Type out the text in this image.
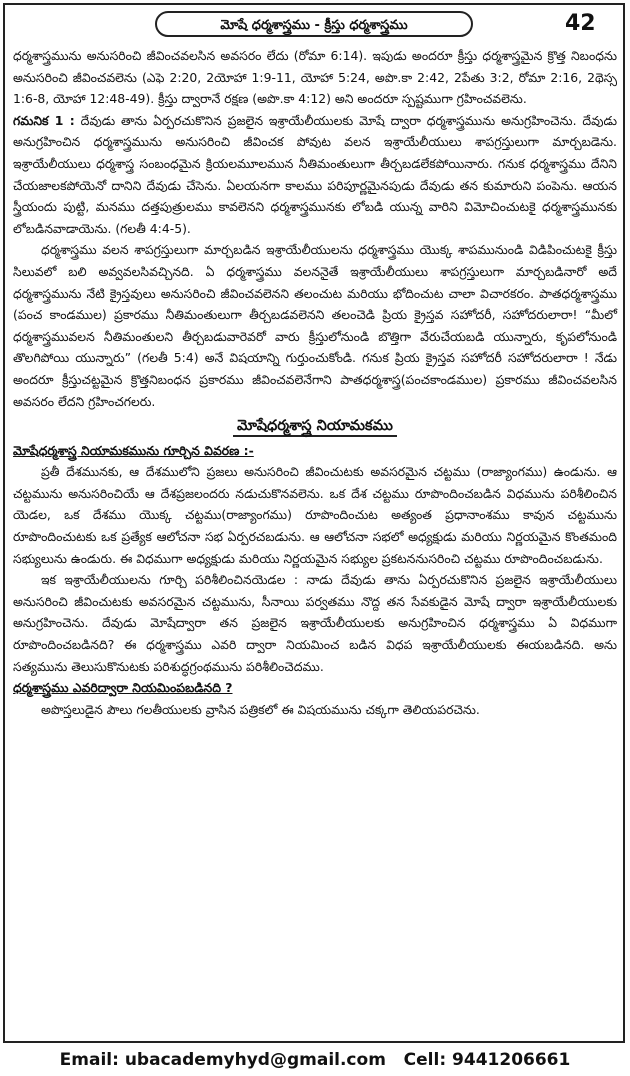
మోషే ధర్మశాస్త్రము - క్రీస్తు ధర్మశాస్త్రము	42

ధర్మశాస్త్రమును అనుసరించి జీవించవలసిన అవసరం లేదు (రోమా 6:14). ఇపుడు అందరూ క్రీస్తు ధర్మశాస్త్రమైన క్రొత్త నిబంధను అనుసరించి జీవించవలెను (ఎఫె 2:20, 2యోహా 1:9-11, యోహా 5:24, అపొ.కా 2:42, 2పేతు 3:2, రోమా 2:16, 2థెస్స 1:6-8, యోహా 12:48-49). క్రీస్తు ద్వారానే రక్షణ (అపొ.కా 4:12) అని అందరూ స్పష్టముగా గ్రహించవలెను.

గమనిక 1 : దేవుడు తాను ఏర్పరచుకొనిన ప్రజలైన ఇశ్రాయేలీయులకు మోషే ద్వారా ధర్మశాస్త్రమును అనుగ్రహించెను. దేవుడు అనుగ్రహించిన ధర్మశాస్త్రమును అనుసరించి జీవించక పోవుట వలన ఇశ్రాయేలీయులు శాపగ్రస్తులుగా మార్చబడెను. ఇశ్రాయేలీయులు ధర్మశాస్త్ర సంబంధమైన క్రియలమూలమున నీతిమంతులుగా తీర్చబడలేకపోయినారు. గనుక ధర్మశాస్త్రము దేనిని చేయజాలకపోయెనో దానిని దేవుడు చేసెను. ఏలయనగా కాలము పరిపూర్ణమైనపుడు దేవుడు తన కుమారుని పంపెను. ఆయన స్త్రీయందు పుట్టి, మనము దత్తపుత్రులము కావలెనని ధర్మశాస్త్రమునకు లోబడి యున్న వారిని విమోచించుటకై ధర్మశాస్త్రమునకు లోబడినవాడాయెను. (గలతీ 4:4-5).

ధర్మశాస్త్రము వలన శాపగ్రస్తులుగా మార్చబడిన ఇశ్రాయేలీయులను ధర్మశాస్త్రము యొక్క శాపమునుండి విడిపించుటకై క్రీస్తు సిలువలో బలి అవ్వవలసివచ్చినది. ఏ ధర్మశాస్త్రము వలననైతే ఇశ్రాయేలీయులు శాపగ్రస్తులుగా మార్చబడినారో అదే ధర్మశాస్త్రమును నేటి క్రైస్తవులు అనుసరించి జీవించవలెనని తలంచుట మరియు భోదించుట చాలా విచారకరం. పాతధర్మశాస్త్రము (పంచ కాండముల) ప్రకారము నీతిమంతులుగా తీర్చబడవలెనని తలంచెడి ప్రియ క్రైస్తవ సహోదరీ, సహోదరులారా! “మీలో ధర్మశాస్త్రమువలన నీతిమంతులని తీర్చబడువారెవరో వారు క్రీస్తులోనుండి బొత్తిగా వేరుచేయబడి యున్నారు, కృపలోనుండి తొలగిపోయి యున్నారు” (గలతీ 5:4) అనే విషయాన్ని గుర్తుంచుకోండి. గనుక ప్రియ క్రైస్తవ సహోదరీ సహోదరులారా ! నేడు అందరూ క్రీస్తుచట్టమైన క్రొత్తనిబంధన ప్రకారము జీవించవలెనేగాని పాతధర్మశాస్త్ర(పంచకాండముల) ప్రకారము జీవించవలసిన అవసరం లేదని గ్రహించగలరు.

మోషేధర్మశాస్త్ర నియామకము

మోషేధర్మశాస్త్ర నియామకమును గూర్చిన వివరణ :-

ప్రతీ దేశమునకు, ఆ దేశములోని ప్రజలు అనుసరించి జీవించుటకు అవసరమైన చట్టము (రాజ్యాంగము) ఉండును. ఆ చట్టమును అనుసరించియే ఆ దేశప్రజలందరు నడుచుకొనవలెను. ఒక దేశ చట్టము రూపొందించబడిన విధమును పరిశీలించిన యెడల, ఒక దేశము యొక్క చట్టము(రాజ్యాంగము) రూపొందించుట అత్యంత ప్రధానాంశము కావున చట్టమును రూపొందించుటకు ఒక ప్రత్యేక ఆలోచనా సభ ఏర్పరచబడును. ఆ ఆలోచనా సభలో అధ్యక్షుడు మరియు నిర్ణయమైన కొంతమంది సభ్యులును ఉండురు. ఈ విధముగా అధ్యక్షుడు మరియు నిర్ణయమైన సభ్యుల ప్రకటననుసరించి చట్టము రూపొందించబడును.

ఇక ఇశ్రాయేలీయులను గూర్చి పరిశీలించినయెడల : నాడు దేవుడు తాను ఏర్పరచుకొనిన ప్రజలైన ఇశ్రాయేలీయులు అనుసరించి జీవించుటకు అవసరమైన చట్టమును, సీనాయి పర్వతము నొద్ద తన సేవకుడైన మోషే ద్వారా ఇశ్రాయేలీయులకు అనుగ్రహించెను. దేవుడు మోషేద్వారా తన ప్రజలైన ఇశ్రాయేలీయులకు అనుగ్రహించిన ధర్మశాస్త్రము ఏ విధముగా రూపొందించబడినది? ఈ ధర్మశాస్త్రము ఎవరి ద్వారా నియమించ బడిన విధప ఇశ్రాయేలీయులకు ఈయబడినది. అను సత్యమును తెలుసుకొనుటకు పరిశుద్ధగ్రంథమును పరిశీలించెదము.

ధర్మశాస్త్రము ఎవరిద్వారా నియమింపబడినది ?

అపొస్తలుడైన పౌలు గలతీయులకు వ్రాసిన పత్రికలో ఈ విషయమును చక్కగా తెలియపరచెను.

Email: ubacademyhyd@gmail.com Cell: 9441206661
